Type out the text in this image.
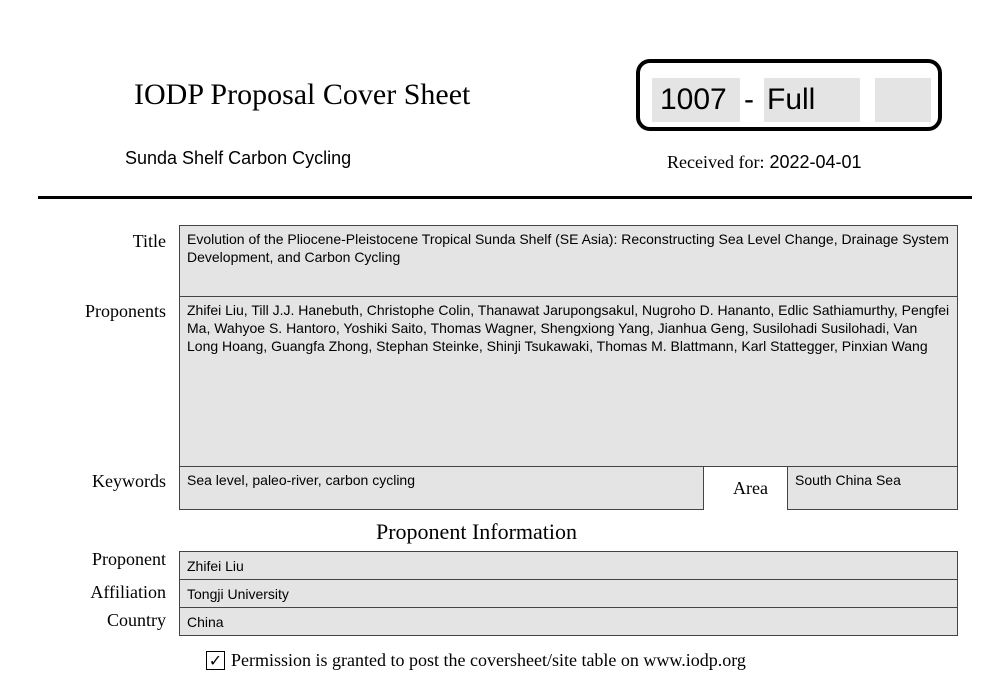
IODP Proposal Cover Sheet
Sunda Shelf Carbon Cycling
1007 - Full
Received for: 2022-04-01
Title	Evolution of the Pliocene-Pleistocene Tropical Sunda Shelf (SE Asia): Reconstructing Sea Level Change, Drainage System Development, and Carbon Cycling
Proponents	Zhifei Liu, Till J.J. Hanebuth, Christophe Colin, Thanawat Jarupongsakul, Nugroho D. Hananto, Edlic Sathiamurthy, Pengfei Ma, Wahyoe S. Hantoro, Yoshiki Saito, Thomas Wagner, Shengxiong Yang, Jianhua Geng, Susilohadi Susilohadi, Van Long Hoang, Guangfa Zhong, Stephan Steinke, Shinji Tsukawaki, Thomas M. Blattmann, Karl Stattegger, Pinxian Wang
Keywords	Sea level, paleo-river, carbon cycling	Area	South China Sea
Proponent Information
Proponent	Zhifei Liu
Affiliation	Tongji University
Country	China
✓ Permission is granted to post the coversheet/site table on www.iodp.org
